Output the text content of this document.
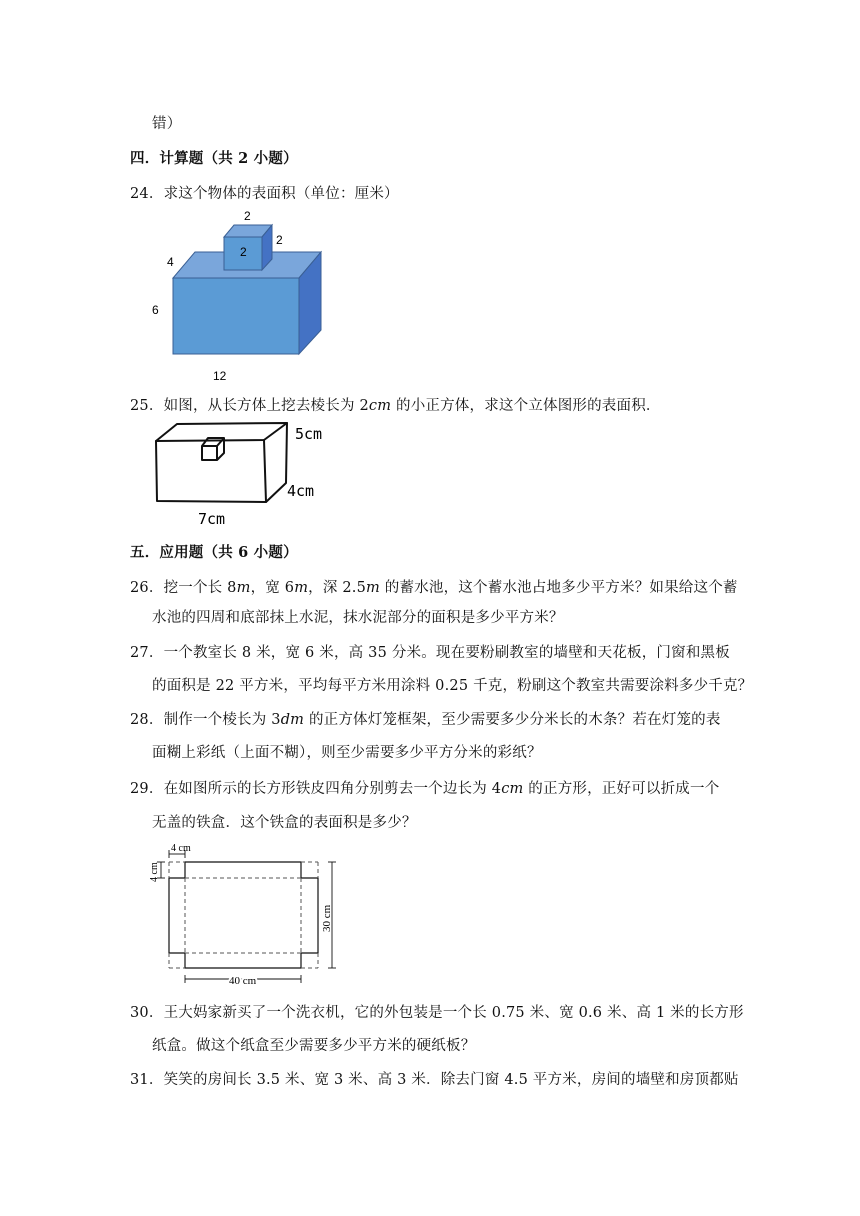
错）
四．计算题（共 2 小题）
24．求这个物体的表面积（单位：厘米）
2
2
2
4
6
12
25．如图，从长方体上挖去棱长为 2cm 的小正方体，求这个立体图形的表面积．
5cm
4cm
7cm
五．应用题（共 6 小题）
26．挖一个长 8m，宽 6m，深 2.5m 的蓄水池，这个蓄水池占地多少平方米？如果给这个蓄
水池的四周和底部抹上水泥，抹水泥部分的面积是多少平方米？
27．一个教室长 8 米，宽 6 米，高 35 分米。现在要粉刷教室的墙壁和天花板，门窗和黑板
的面积是 22 平方米，平均每平方米用涂料 0.25 千克，粉刷这个教室共需要涂料多少千克？
28．制作一个棱长为 3dm 的正方体灯笼框架，至少需要多少分米长的木条？若在灯笼的表
面糊上彩纸（上面不糊），则至少需要多少平方分米的彩纸？
29．在如图所示的长方形铁皮四角分别剪去一个边长为 4cm 的正方形，正好可以折成一个
无盖的铁盒．这个铁盒的表面积是多少？
4 cm
4 cm
30 cm
40 cm
30．王大妈家新买了一个洗衣机，它的外包装是一个长 0.75 米、宽 0.6 米、高 1 米的长方形
纸盒。做这个纸盒至少需要多少平方米的硬纸板？
31．笑笑的房间长 3.5 米、宽 3 米、高 3 米．除去门窗 4.5 平方米，房间的墙壁和房顶都贴
